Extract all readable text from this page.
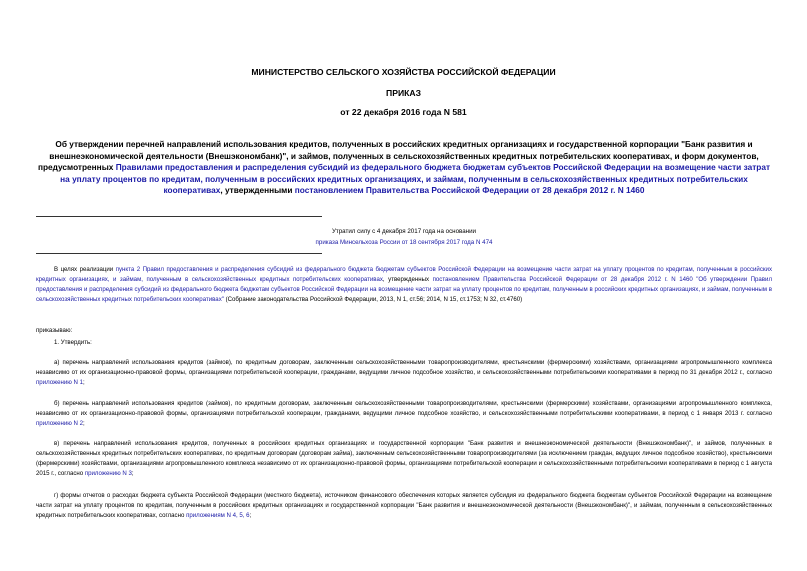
МИНИСТЕРСТВО СЕЛЬСКОГО ХОЗЯЙСТВА РОССИЙСКОЙ ФЕДЕРАЦИИ
ПРИКАЗ
от 22 декабря 2016 года N 581
Об утверждении перечней направлений использования кредитов, полученных в российских кредитных организациях и государственной корпорации "Банк развития и внешнеэкономической деятельности (Внешэкономбанк)", и займов, полученных в сельскохозяйственных кредитных потребительских кооперативах, и форм документов, предусмотренных Правилами предоставления и распределения субсидий из федерального бюджета бюджетам субъектов Российской Федерации на возмещение части затрат на уплату процентов по кредитам, полученным в российских кредитных организациях, и займам, полученным в сельскохозяйственных кредитных потребительских кооперативах, утвержденными постановлением Правительства Российской Федерации от 28 декабря 2012 г. N 1460
Утратил силу с 4 декабря 2017 года на основании
приказа Минсельхоза России от 18 сентября 2017 года N 474
В целях реализации пункта 2 Правил предоставления и распределения субсидий из федерального бюджета бюджетам субъектов Российской Федерации на возмещение части затрат на уплату процентов по кредитам, полученным в российских кредитных организациях, и займам, полученным в сельскохозяйственных кредитных потребительских кооперативах, утвержденных постановлением Правительства Российской Федерации от 28 декабря 2012 г. N 1460 "Об утверждении Правил предоставления и распределения субсидий из федерального бюджета бюджетам субъектов Российской Федерации на возмещение части затрат на уплату процентов по кредитам, полученным в российских кредитных организациях, и займам, полученным в сельскохозяйственных кредитных потребительских кооперативах" (Собрание законодательства Российской Федерации, 2013, N 1, ст.56; 2014, N 15, ст.1753; N 32, ст.4760)
приказываю:
1. Утвердить:
а) перечень направлений использования кредитов (займов), по кредитным договорам, заключенным сельскохозяйственными товаропроизводителями, крестьянскими (фермерскими) хозяйствами, организациями агропромышленного комплекса независимо от их организационно-правовой формы, организациями потребительской кооперации, гражданами, ведущими личное подсобное хозяйство, и сельскохозяйственными потребительскими кооперативами в период по 31 декабря 2012 г., согласно приложению N 1;
б) перечень направлений использования кредитов (займов), по кредитным договорам, заключенным сельскохозяйственными товаропроизводителями, крестьянскими (фермерскими) хозяйствами, организациями агропромышленного комплекса, независимо от их организационно-правовой формы, организациями потребительской кооперации, гражданами, ведущими личное подсобное хозяйство, и сельскохозяйственными потребительскими кооперативами, в период с 1 января 2013 г. согласно приложению N 2;
в) перечень направлений использования кредитов, полученных в российских кредитных организациях и государственной корпорации "Банк развития и внешнеэкономической деятельности (Внешэкономбанк)", и займов, полученных в сельскохозяйственных кредитных потребительских кооперативах, по кредитным договорам (договорам займа), заключенным сельскохозяйственными товаропроизводителями (за исключением граждан, ведущих личное подсобное хозяйство), крестьянскими (фермерскими) хозяйствами, организациями агропромышленного комплекса независимо от их организационно-правовой формы, организациями потребительской кооперации и сельскохозяйственными потребительскими кооперативами в период с 1 августа 2015 г., согласно приложению N 3;
г) формы отчетов о расходах бюджета субъекта Российской Федерации (местного бюджета), источником финансового обеспечения которых является субсидия из федерального бюджета бюджетам субъектов Российской Федерации на возмещение части затрат на уплату процентов по кредитам, полученным в российских кредитных организациях и государственной корпорации "Банк развития и внешнеэкономической деятельности (Внешэкономбанк)", и займам, полученным в сельскохозяйственных кредитных потребительских кооперативах, согласно приложениям N 4, 5, 6;
